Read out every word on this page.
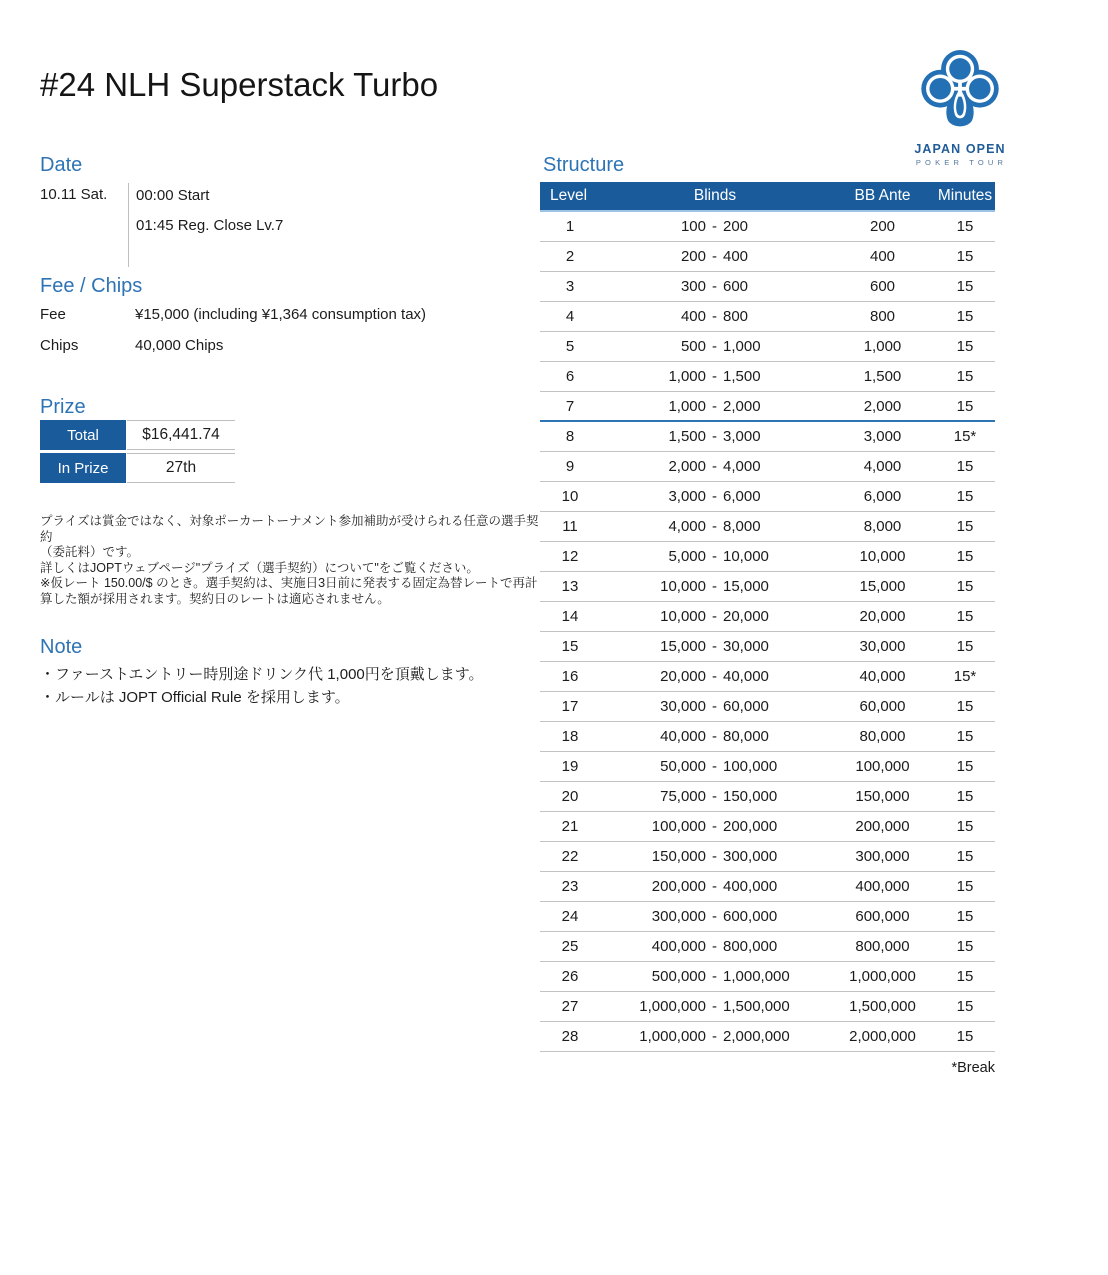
#24 NLH Superstack Turbo
JAPAN OPEN
POKER TOUR
Date
10.11 Sat. 00:00 Start
01:45 Reg. Close Lv.7
Fee / Chips
Fee	¥15,000 (including ¥1,364 consumption tax)
Chips	40,000 Chips
Prize
Total	$16,441.74
In Prize	27th
プライズは賞金ではなく、対象ポーカートーナメント参加補助が受けられる任意の選手契約
（委託料）です。
詳しくはJOPTウェブページ"プライズ（選手契約）について"をご覧ください。
※仮レート 150.00/$ のとき。選手契約は、実施日3日前に発表する固定為替レートで再計
算した額が採用されます。契約日のレートは適応されません。
Note
・ファーストエントリー時別途ドリンク代 1,000円を頂戴します。
・ルールは JOPT Official Rule を採用します。
Structure
Level	Blinds	BB Ante	Minutes
1	100 - 200	200	15
2	200 - 400	400	15
3	300 - 600	600	15
4	400 - 800	800	15
5	500 - 1,000	1,000	15
6	1,000 - 1,500	1,500	15
7	1,000 - 2,000	2,000	15
8	1,500 - 3,000	3,000	15*
9	2,000 - 4,000	4,000	15
10	3,000 - 6,000	6,000	15
11	4,000 - 8,000	8,000	15
12	5,000 - 10,000	10,000	15
13	10,000 - 15,000	15,000	15
14	10,000 - 20,000	20,000	15
15	15,000 - 30,000	30,000	15
16	20,000 - 40,000	40,000	15*
17	30,000 - 60,000	60,000	15
18	40,000 - 80,000	80,000	15
19	50,000 - 100,000	100,000	15
20	75,000 - 150,000	150,000	15
21	100,000 - 200,000	200,000	15
22	150,000 - 300,000	300,000	15
23	200,000 - 400,000	400,000	15
24	300,000 - 600,000	600,000	15
25	400,000 - 800,000	800,000	15
26	500,000 - 1,000,000	1,000,000	15
27	1,000,000 - 1,500,000	1,500,000	15
28	1,000,000 - 2,000,000	2,000,000	15
*Break
